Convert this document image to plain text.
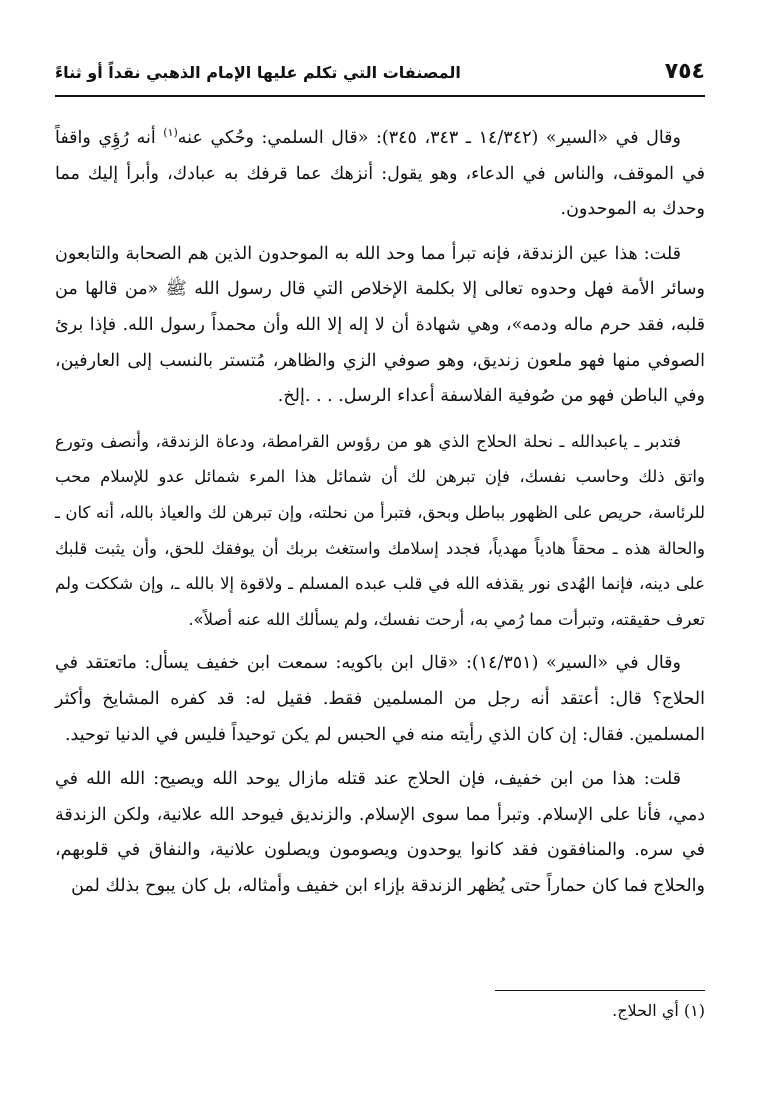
٧٥٤
المصنفات التي تكلم عليها الإمام الذهبي نقداً أو ثناءً

وقال في «السير» (١٤/٣٤٢ ـ ٣٤٣، ٣٤٥): «قال السلمي: وحُكي عنه$^{(١)}$ أنه رُؤِي واقفاً في الموقف، والناس في الدعاء، وهو يقول: أنزهك عما قرفك به عبادك، وأبرأ إليك مما وحدك به الموحدون.

قلت: هذا عين الزندقة، فإنه تبرأ مما وحد الله به الموحدون الذين هم الصحابة والتابعون وسائر الأمة فهل وحدوه تعالى إلا بكلمة الإخلاص التي قال رسول الله ﷺ «من قالها من قلبه، فقد حرم ماله ودمه»، وهي شهادة أن لا إله إلا الله وأن محمداً رسول الله. فإذا برئ الصوفي منها فهو ملعون زنديق، وهو صوفي الزي والظاهر، مُتستر بالنسب إلى العارفين، وفي الباطن فهو من صُوفية الفلاسفة أعداء الرسل. . . .إلخ.

فتدبر ـ ياعبدالله ـ نحلة الحلاج الذي هو من رؤوس القرامطة، ودعاة الزندقة، وأنصف وتورع واتق ذلك وحاسب نفسك، فإن تبرهن لك أن شمائل هذا المرء شمائل عدو للإسلام محب للرئاسة، حريص على الظهور بباطل وبحق، فتبرأ من نحلته، وإن تبرهن لك والعياذ بالله، أنه كان ـ والحالة هذه ـ محقاً هادياً مهدياً، فجدد إسلامك واستغث بربك أن يوفقك للحق، وأن يثبت قلبك على دينه، فإنما الهُدى نور يقذفه الله في قلب عبده المسلم ـ ولاقوة إلا بالله ـ، وإن شككت ولم تعرف حقيقته، وتبرأت مما رُمي به، أرحت نفسك، ولم يسألك الله عنه أصلاً».

وقال في «السير» (١٤/٣٥١): «قال ابن باكويه: سمعت ابن خفيف يسأل: ماتعتقد في الحلاج؟ قال: أعتقد أنه رجل من المسلمين فقط. فقيل له: قد كفره المشايخ وأكثر المسلمين. فقال: إن كان الذي رأيته منه في الحبس لم يكن توحيداً فليس في الدنيا توحيد.

قلت: هذا من ابن خفيف، فإن الحلاج عند قتله مازال يوحد الله ويصيح: الله الله في دمي، فأنا على الإسلام. وتبرأ مما سوى الإسلام. والزنديق فيوحد الله علانية، ولكن الزندقة في سره. والمنافقون فقد كانوا يوحدون ويصومون ويصلون علانية، والنفاق في قلوبهم، والحلاج فما كان حماراً حتى يُظهر الزندقة بإزاء ابن خفيف وأمثاله، بل كان يبوح بذلك لمن

(١) أي الحلاج.
